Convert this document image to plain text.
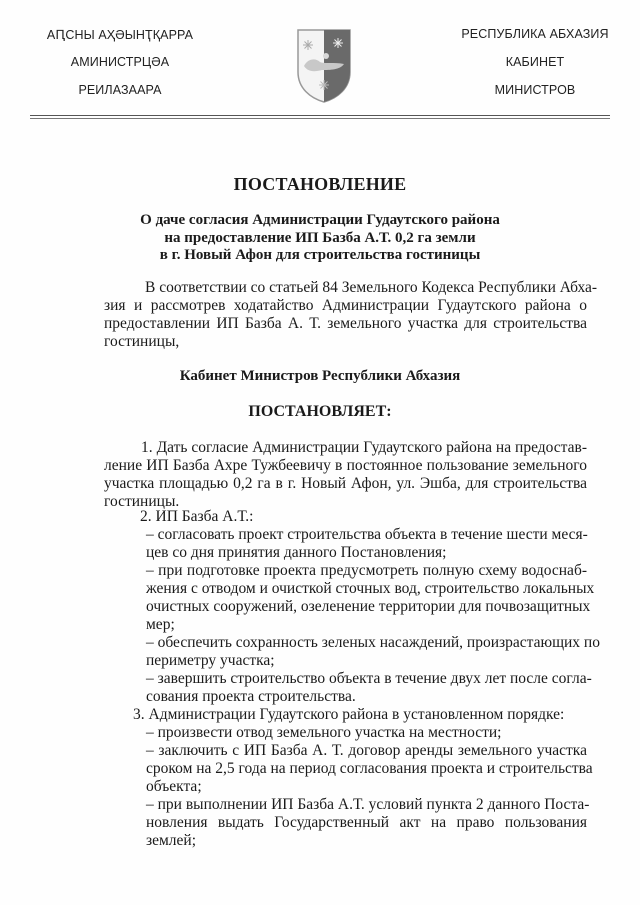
АԤСНЫ АҲӘЫНҬҚАРРА
АМИНИСТРЦӘА
РЕИЛАЗААРА
РЕСПУБЛИКА АБХАЗИЯ
КАБИНЕТ
МИНИСТРОВ
ПОСТАНОВЛЕНИЕ
О даче согласия Администрации Гудаутского района
на предоставление ИП Базба А.Т. 0,2 га земли
в г. Новый Афон для строительства гостиницы
В соответствии со статьей 84 Земельного Кодекса Республики Абха-
зия и рассмотрев ходатайство Администрации Гудаутского района о
предоставлении ИП Базба А. Т. земельного участка для строительства
гостиницы,
Кабинет Министров Республики Абхазия
ПОСТАНОВЛЯЕТ:
1. Дать согласие Администрации Гудаутского района на предостав-
ление ИП Базба Ахре Тужбеевичу в постоянное пользование земельного
участка площадью 0,2 га в г. Новый Афон, ул. Эшба, для строительства
гостиницы.
2. ИП Базба А.Т.:
– согласовать проект строительства объекта в течение шести меся-
цев со дня принятия данного Постановления;
– при подготовке проекта предусмотреть полную схему водоснаб-
жения с отводом и очисткой сточных вод, строительство локальных
очистных сооружений, озеленение территории для почвозащитных
мер;
– обеспечить сохранность зеленых насаждений, произрастающих по
периметру участка;
– завершить строительство объекта в течение двух лет после согла-
сования проекта строительства.
3. Администрации Гудаутского района в установленном порядке:
– произвести отвод земельного участка на местности;
– заключить с ИП Базба А. Т. договор аренды земельного участка
сроком на 2,5 года на период согласования проекта и строительства
объекта;
– при выполнении ИП Базба А.Т. условий пункта 2 данного Поста-
новления выдать Государственный акт на право пользования
землей;
